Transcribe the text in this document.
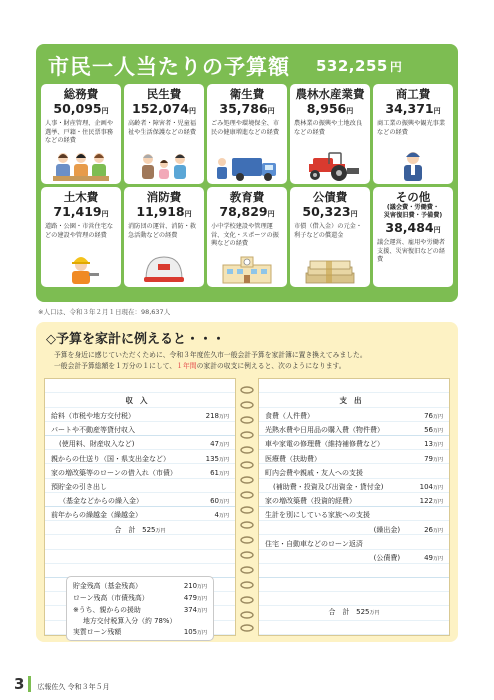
市民一人当たりの予算額 532,255 円
総務費
50,095円
人事・財産管理、企画や選挙、戸籍・住民票事務などの経費
民生費
152,074円
高齢者・障害者・児童福祉や生活保護などの経費
衛生費
35,786円
ごみ処理や環境保全、市民の健康増進などの経費
農林水産業費
8,956円
農林業の振興や土地改良などの経費
商工費
34,371円
商工業の振興や観光事業などの経費
土木費
71,419円
道路・公園・市営住宅などの建設や管理の経費
消防費
11,918円
消防団の運営、消防・救急活動などの経費
教育費
78,829円
小中学校建設や管理運営、文化・スポーツの振興などの経費
公債費
50,323円
市債（借入金）の元金・利子などの償還金
その他
(議会費・労働費・
災害復旧費・予備費)
38,484円
議会運営、雇用や労働者支援、災害復旧などの経費
※人口は、令和３年２月１日現在：98,637人
◇予算を家計に例えると・・・
予算を身近に感じていただくために、令和３年度佐久市一般会計予算を家計簿に置き換えてみました。
一般会計予算総額を１万分の１にして、１年間の家計の収支に例えると、次のようになります。
収入
給料（市税や地方交付税）	218万円
パートや不動産等貸付収入
(使用料、財産収入など)	47万円
親からの仕送り（国・県支出金など）	135万円
家の増改築等のローンの借入れ（市債）	61万円
預貯金の引き出し
（基金などからの繰入金）	60万円
前年からの繰越金（繰越金）	4万円
合　計 525万円
支出
食費（人件費）	76万円
光熱水費や日用品の購入費（物件費）	56万円
車や家電の修理費（維持補修費など）	13万円
医療費（扶助費）	79万円
町内会費や親戚・友人への支援
(補助費・投資及び出資金・貸付金)	104万円
家の増改築費（投資的経費）	122万円
生計を別にしている家族への支援
(繰出金)	26万円
住宅・自動車などのローン返済
(公債費)	49万円
合　計 525万円
貯金残高（基金残高）	210万円
ローン残高（市債残高）	479万円
※うち、親からの援助	374万円
地方交付税算入分（約 78%）
実質ローン残額	105万円
3	広報佐久 令和３年５月
